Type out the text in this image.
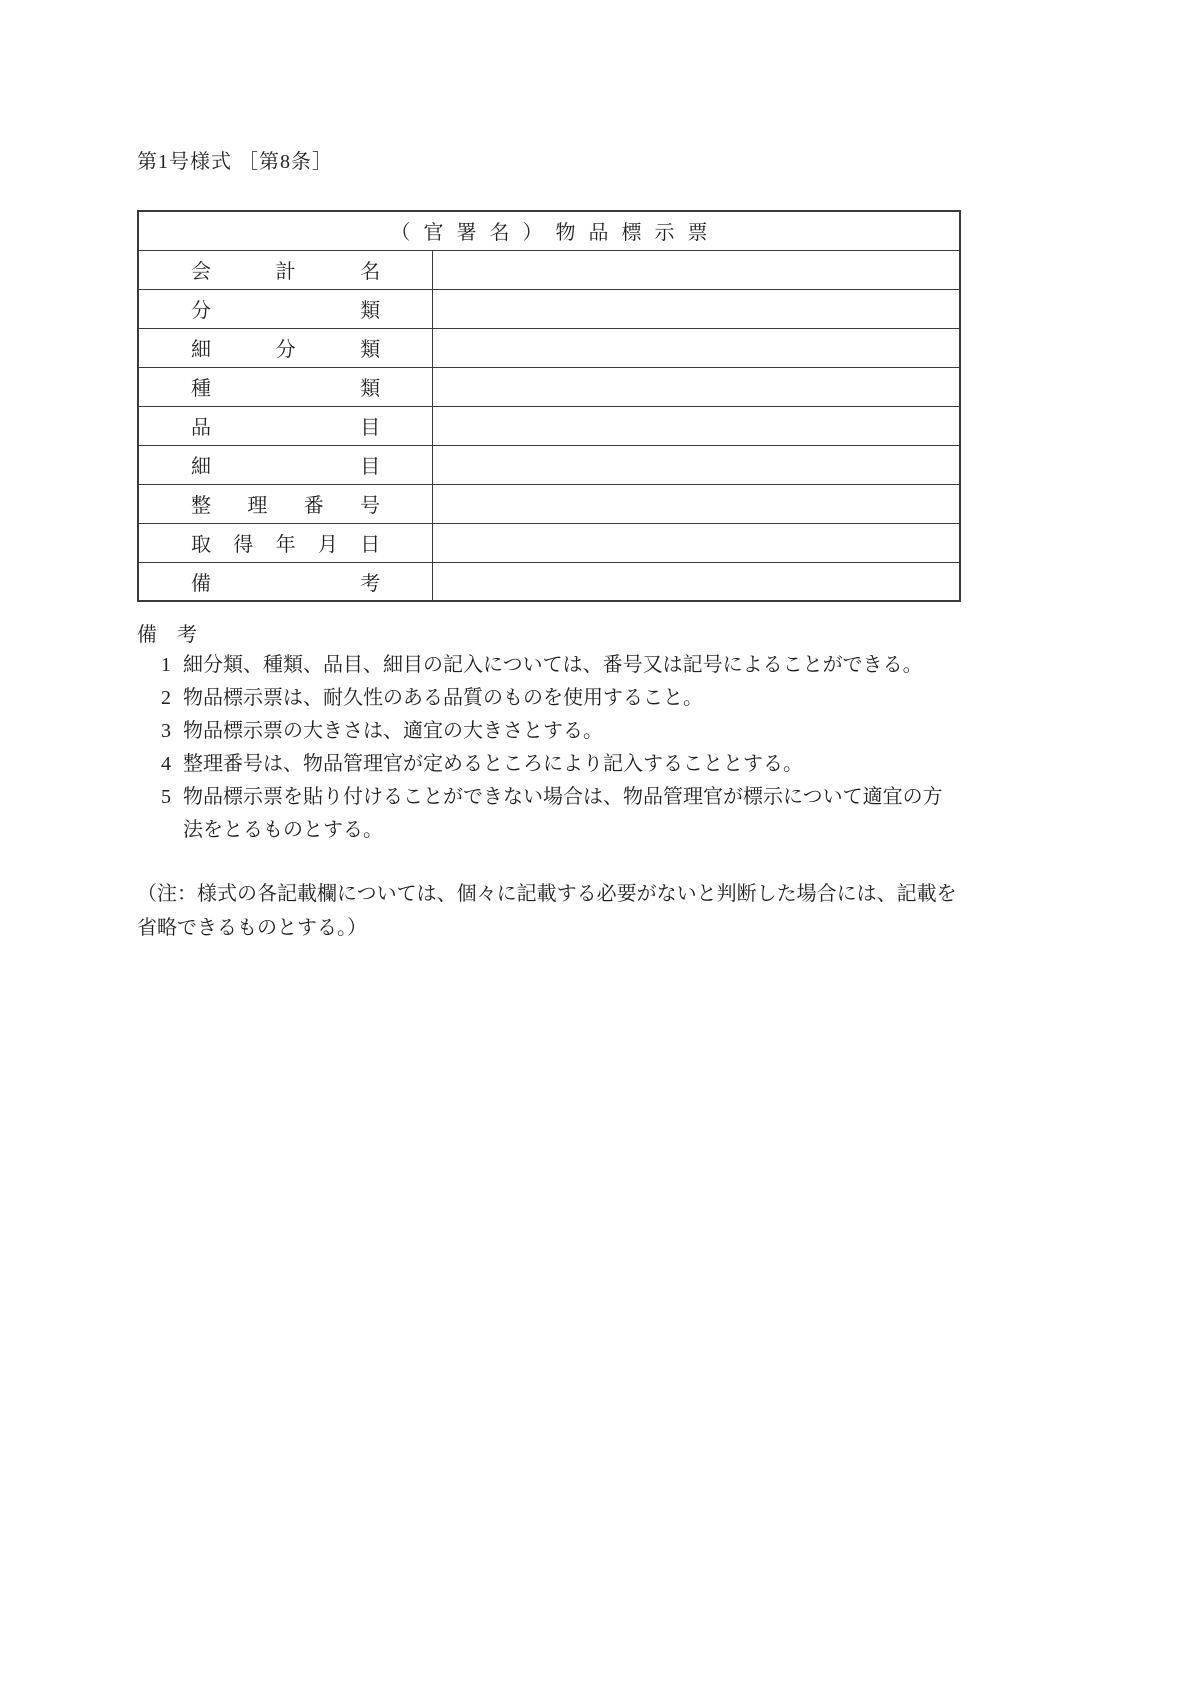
第1号様式 ［第8条］
（官署名）物品標示票	

会 計 名	

分 類	

細 分 類	

種 類	

品 目	

細 目	

整 理 番 号	

取 得 年 月 日	

備 考	

備　考
1 細分類、種類、品目、細目の記入については、番号又は記号によることができる。
2 物品標示票は、耐久性のある品質のものを使用すること。
3 物品標示票の大きさは、適宜の大きさとする。
4 整理番号は、物品管理官が定めるところにより記入することとする。
5 物品標示票を貼り付けることができない場合は、物品管理官が標示について適宜の方法をとるものとする。
（注：様式の各記載欄については、個々に記載する必要がないと判断した場合には、記載を省略できるものとする。）
